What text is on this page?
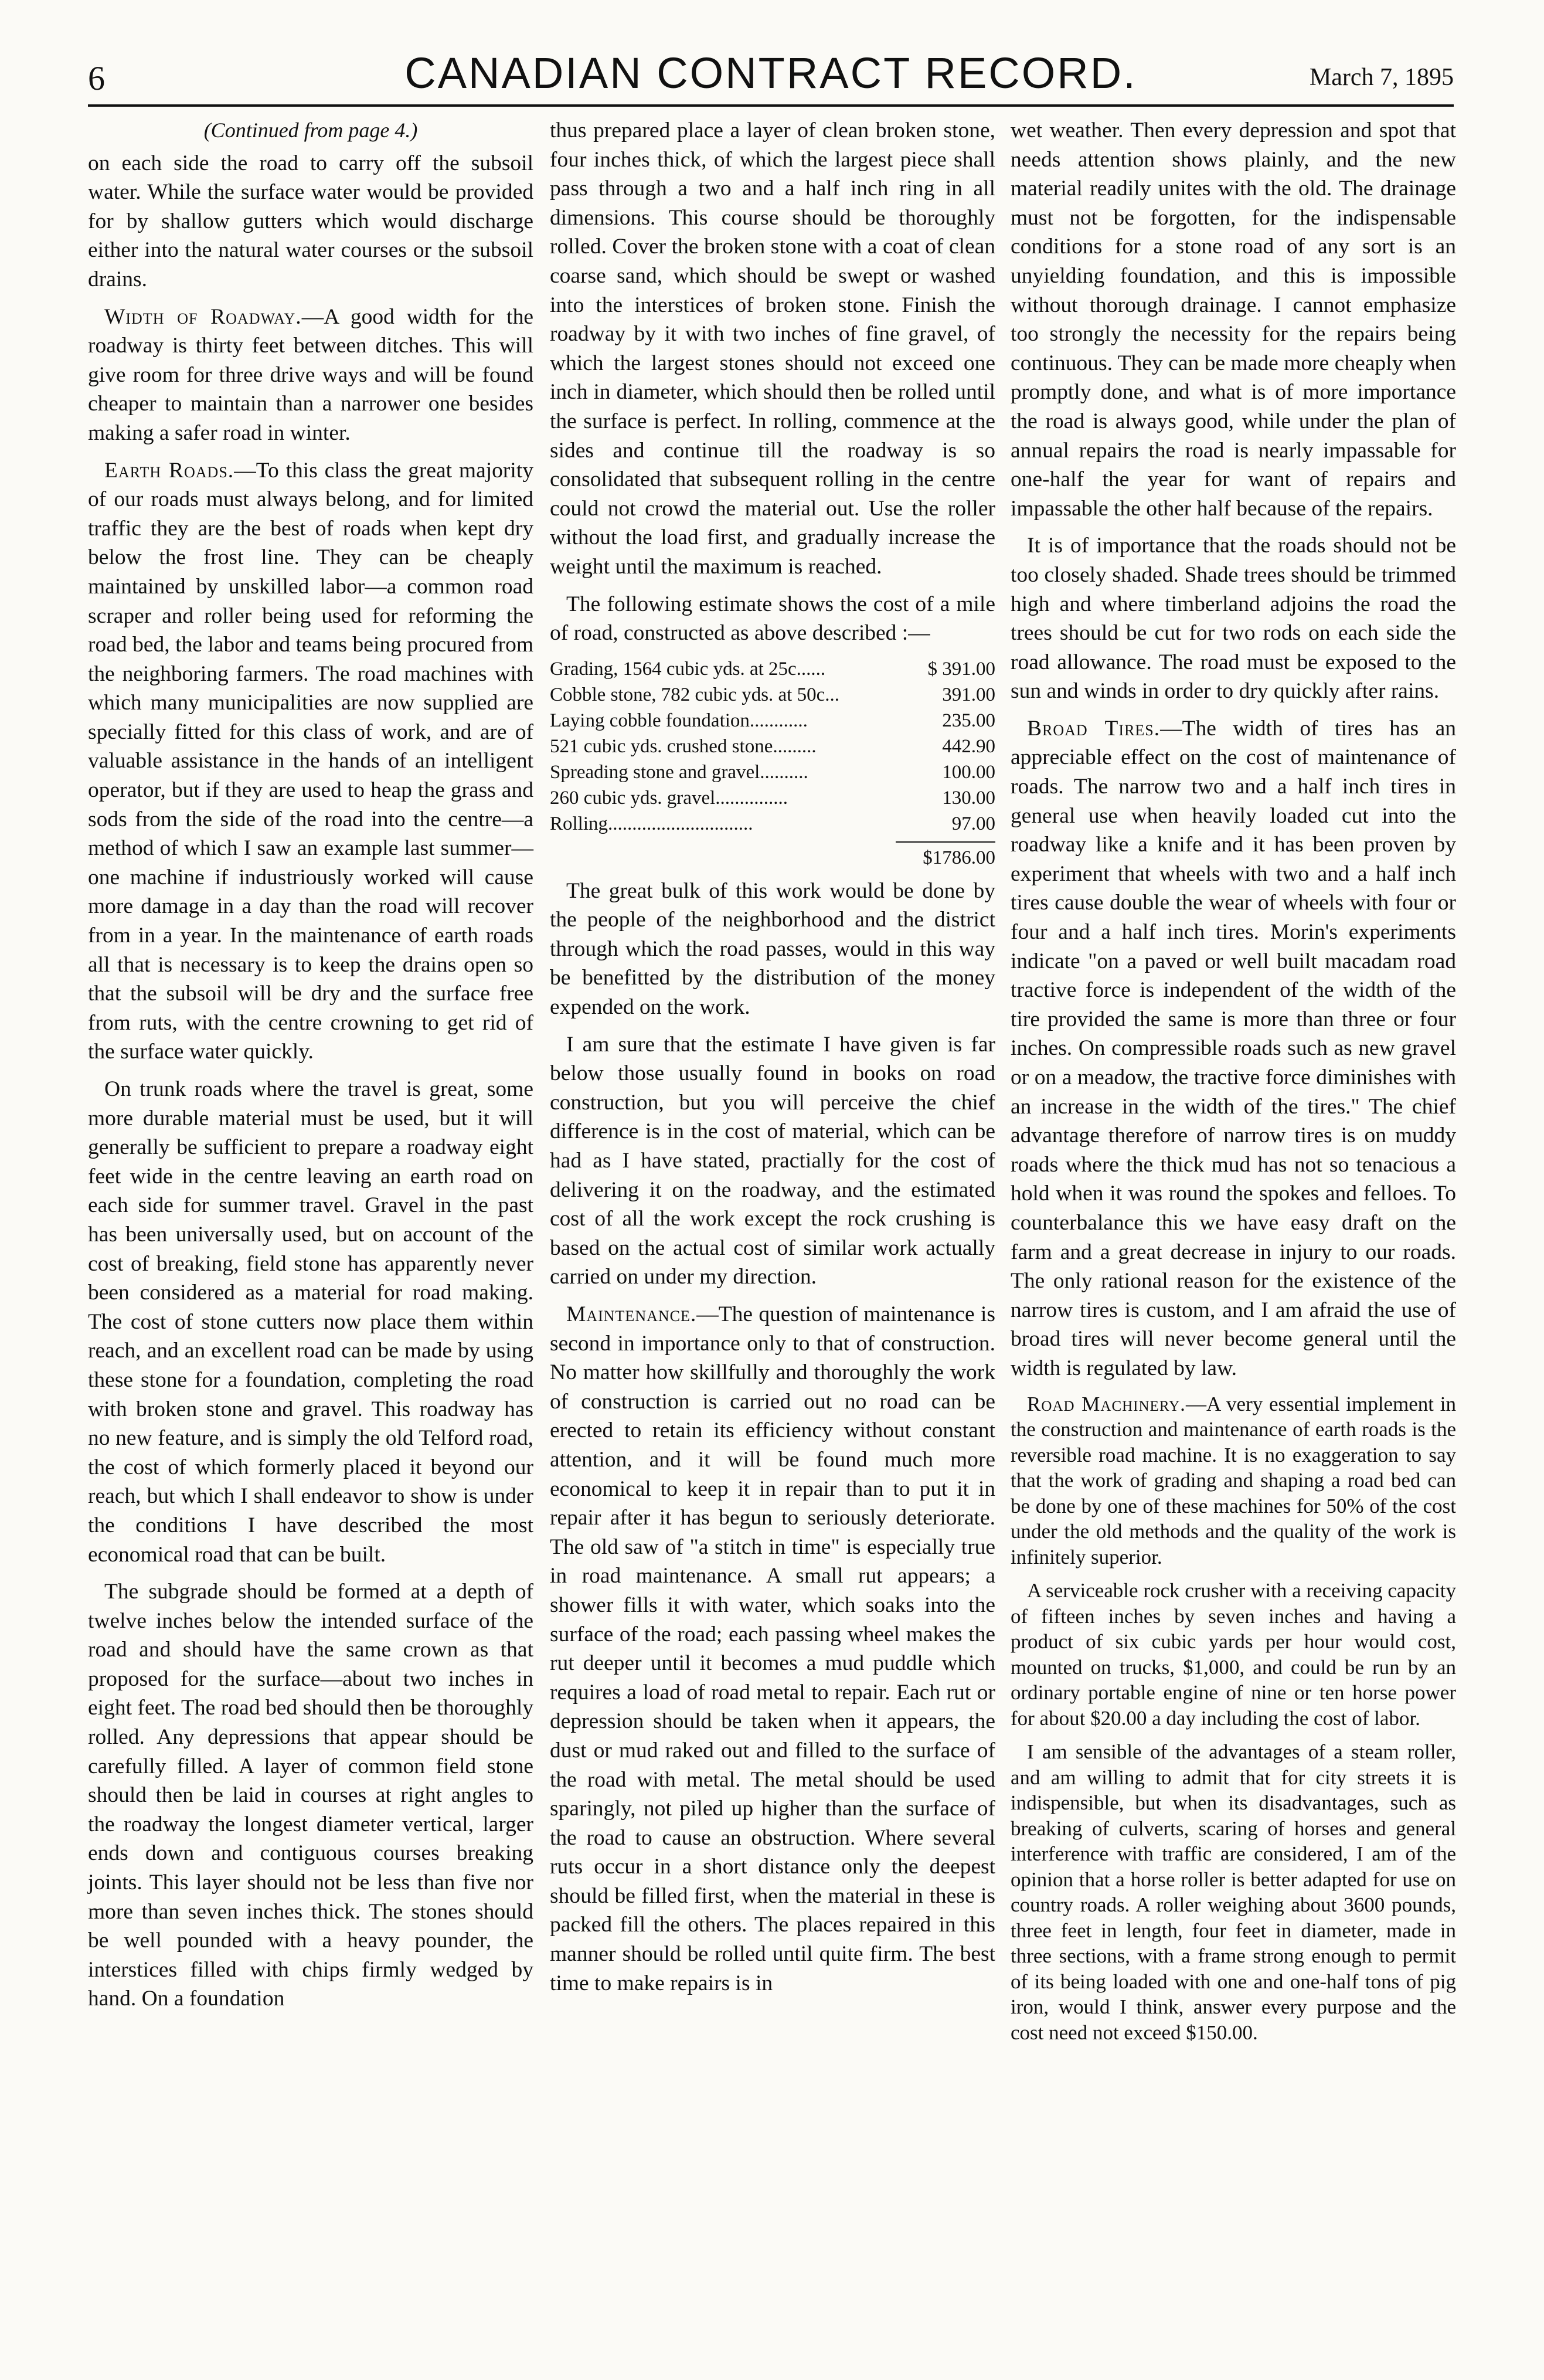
6	CANADIAN CONTRACT RECORD.	March 7, 1895
(Continued from page 4.)

on each side the road to carry off the subsoil water. While the surface water would be provided for by shallow gutters which would discharge either into the natural water courses or the subsoil drains.

Width of Roadway.—A good width for the roadway is thirty feet between ditches. This will give room for three drive ways and will be found cheaper to maintain than a narrower one besides making a safer road in winter.

Earth Roads.—To this class the great majority of our roads must always belong, and for limited traffic they are the best of roads when kept dry below the frost line. They can be cheaply maintained by unskilled labor—a common road scraper and roller being used for reforming the road bed, the labor and teams being procured from the neighboring farmers. The road machines with which many municipalities are now supplied are specially fitted for this class of work, and are of valuable assistance in the hands of an intelligent operator, but if they are used to heap the grass and sods from the side of the road into the centre—a method of which I saw an example last summer—one machine if industriously worked will cause more damage in a day than the road will recover from in a year. In the maintenance of earth roads all that is necessary is to keep the drains open so that the subsoil will be dry and the surface free from ruts, with the centre crowning to get rid of the surface water quickly.

On trunk roads where the travel is great, some more durable material must be used, but it will generally be sufficient to prepare a roadway eight feet wide in the centre leaving an earth road on each side for summer travel. Gravel in the past has been universally used, but on account of the cost of breaking, field stone has apparently never been considered as a material for road making. The cost of stone cutters now place them within reach, and an excellent road can be made by using these stone for a foundation, completing the road with broken stone and gravel. This roadway has no new feature, and is simply the old Telford road, the cost of which formerly placed it beyond our reach, but which I shall endeavor to show is under the conditions I have described the most economical road that can be built.

The subgrade should be formed at a depth of twelve inches below the intended surface of the road and should have the same crown as that proposed for the surface—about two inches in eight feet. The road bed should then be thoroughly rolled. Any depressions that appear should be carefully filled. A layer of common field stone should then be laid in courses at right angles to the roadway the longest diameter vertical, larger ends down and contiguous courses breaking joints. This layer should not be less than five nor more than seven inches thick. The stones should be well pounded with a heavy pounder, the interstices filled with chips firmly wedged by hand. On a foundation

thus prepared place a layer of clean broken stone, four inches thick, of which the largest piece shall pass through a two and a half inch ring in all dimensions. This course should be thoroughly rolled. Cover the broken stone with a coat of clean coarse sand, which should be swept or washed into the interstices of broken stone. Finish the roadway by it with two inches of fine gravel, of which the largest stones should not exceed one inch in diameter, which should then be rolled until the surface is perfect. In rolling, commence at the sides and continue till the roadway is so consolidated that subsequent rolling in the centre could not crowd the material out. Use the roller without the load first, and gradually increase the weight until the maximum is reached.

The following estimate shows the cost of a mile of road, constructed as above described :—

Grading, 1564 cubic yds. at 25c......	$ 391.00
Cobble stone, 782 cubic yds. at 50c...	391.00
Laying cobble foundation............	235.00
521 cubic yds. crushed stone.........	442.90
Spreading stone and gravel..........	100.00
260 cubic yds. gravel...............	130.00
Rolling..............................	97.00
$1786.00

The great bulk of this work would be done by the people of the neighborhood and the district through which the road passes, would in this way be benefitted by the distribution of the money expended on the work.

I am sure that the estimate I have given is far below those usually found in books on road construction, but you will perceive the chief difference is in the cost of material, which can be had as I have stated, practially for the cost of delivering it on the roadway, and the estimated cost of all the work except the rock crushing is based on the actual cost of similar work actually carried on under my direction.

Maintenance.—The question of maintenance is second in importance only to that of construction. No matter how skillfully and thoroughly the work of construction is carried out no road can be erected to retain its efficiency without constant attention, and it will be found much more economical to keep it in repair than to put it in repair after it has begun to seriously deteriorate. The old saw of "a stitch in time" is especially true in road maintenance. A small rut appears; a shower fills it with water, which soaks into the surface of the road; each passing wheel makes the rut deeper until it becomes a mud puddle which requires a load of road metal to repair. Each rut or depression should be taken when it appears, the dust or mud raked out and filled to the surface of the road with metal. The metal should be used sparingly, not piled up higher than the surface of the road to cause an obstruction. Where several ruts occur in a short distance only the deepest should be filled first, when the material in these is packed fill the others. The places repaired in this manner should be rolled until quite firm. The best time to make repairs is in

wet weather. Then every depression and spot that needs attention shows plainly, and the new material readily unites with the old. The drainage must not be forgotten, for the indispensable conditions for a stone road of any sort is an unyielding foundation, and this is impossible without thorough drainage. I cannot emphasize too strongly the necessity for the repairs being continuous. They can be made more cheaply when promptly done, and what is of more importance the road is always good, while under the plan of annual repairs the road is nearly impassable for one-half the year for want of repairs and impassable the other half because of the repairs.

It is of importance that the roads should not be too closely shaded. Shade trees should be trimmed high and where timberland adjoins the road the trees should be cut for two rods on each side the road allowance. The road must be exposed to the sun and winds in order to dry quickly after rains.

Broad Tires.—The width of tires has an appreciable effect on the cost of maintenance of roads. The narrow two and a half inch tires in general use when heavily loaded cut into the roadway like a knife and it has been proven by experiment that wheels with two and a half inch tires cause double the wear of wheels with four or four and a half inch tires. Morin's experiments indicate "on a paved or well built macadam road tractive force is independent of the width of the tire provided the same is more than three or four inches. On compressible roads such as new gravel or on a meadow, the tractive force diminishes with an increase in the width of the tires." The chief advantage therefore of narrow tires is on muddy roads where the thick mud has not so tenacious a hold when it was round the spokes and felloes. To counterbalance this we have easy draft on the farm and a great decrease in injury to our roads. The only rational reason for the existence of the narrow tires is custom, and I am afraid the use of broad tires will never become general until the width is regulated by law.

Road Machinery.—A very essential implement in the construction and maintenance of earth roads is the reversible road machine. It is no exaggeration to say that the work of grading and shaping a road bed can be done by one of these machines for 50% of the cost under the old methods and the quality of the work is infinitely superior.

A serviceable rock crusher with a receiving capacity of fifteen inches by seven inches and having a product of six cubic yards per hour would cost, mounted on trucks, $1,000, and could be run by an ordinary portable engine of nine or ten horse power for about $20.00 a day including the cost of labor.

I am sensible of the advantages of a steam roller, and am willing to admit that for city streets it is indispensible, but when its disadvantages, such as breaking of culverts, scaring of horses and general interference with traffic are considered, I am of the opinion that a horse roller is better adapted for use on country roads. A roller weighing about 3600 pounds, three feet in length, four feet in diameter, made in three sections, with a frame strong enough to permit of its being loaded with one and one-half tons of pig iron, would I think, answer every purpose and the cost need not exceed $150.00.
